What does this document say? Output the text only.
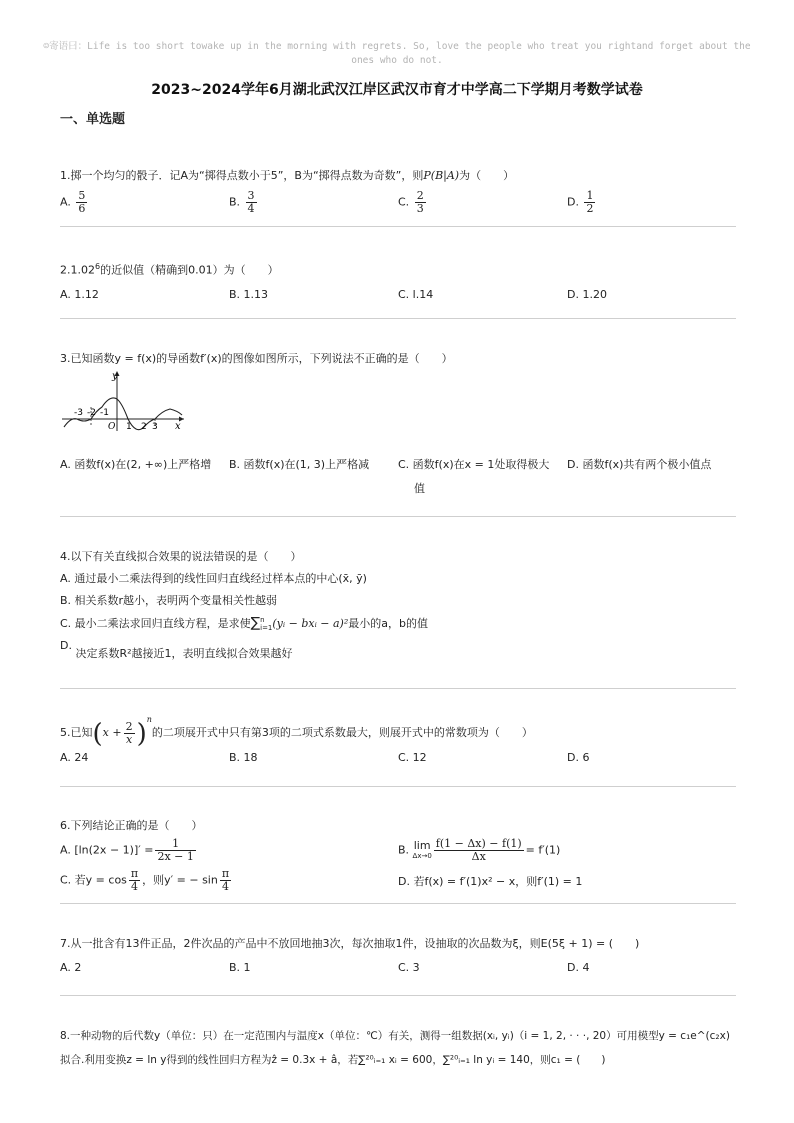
☺寄语曰：Life is too short towake up in the morning with regrets. So, love the people who treat you rightand forget about the ones who do not.
2023~2024学年6月湖北武汉江岸区武汉市育才中学高二下学期月考数学试卷
一、单选题
1.掷一个均匀的骰子．记A为“掷得点数小于5”，B为“掷得点数为奇数”，则P(B|A)为（　　）
A. $\frac{5}{6}$	B. $\frac{3}{4}$	C. $\frac{2}{3}$	D. $\frac{1}{2}$
2.1.02$^6$的近似值（精确到0.01）为（　　）
A. 1.12	B. 1.13	C. l.14	D. 1.20
3.已知函数y = f(x)的导函数f′(x)的图像如图所示，下列说法不正确的是（　　）
y
x
O
-3 -2 -1
1 2 3
A. 函数f(x)在(2, +∞)上严格增 B. 函数f(x)在(1, 3)上严格减	C. 函数f(x)在x = 1处取得极大
值
D. 函数f(x)共有两个极小值点
4.以下有关直线拟合效果的说法错误的是（　　）
A. 通过最小二乘法得到的线性回归直线经过样本点的中心(x̄, ȳ)
B. 相关系数r越小，表明两个变量相关性越弱
C. 最小二乘法求回归直线方程，是求使∑ n
i=1 (yᵢ − bxᵢ − a)²最小的a，b的值
D. 决定系数R²越接近1，表明直线拟合效果越好
5.已知$(x + \frac{2}{x} )^n$的二项展开式中只有第3项的二项式系数最大，则展开式中的常数项为（　　）
A. 24	B. 18	C. 12	D. 6
6.下列结论正确的是（　　）
A. $[\ln(2x - 1)]' = \frac{1}{2x - 1}$	B. lim
$\Delta x\to 0 \frac{f(1 - \Delta x) - f(1)}{\Delta x} = f'(1)$
C. 若$y = \cos \frac{\pi}{4}$ ，则y′ = − $\sin \frac{\pi}{4}$	D. 若f(x) = f′(1)x² − x，则f′(1) = 1
7.从一批含有13件正品，2件次品的产品中不放回地抽3次，每次抽取1件，设抽取的次品数为ξ，则E(5ξ + 1) = (　　)
A. 2	B. 1	C. 3	D. 4
8.一种动物的后代数y（单位：只）在一定范围内与温度x（单位：℃）有关，测得一组数据(xᵢ, yᵢ)（i = 1, 2, · · ·, 20）可用模型y = c₁e^(c₂x)
拟合.利用变换z = ln y得到的线性回归方程为ẑ = 0.3x + â，若∑²⁰ᵢ₌₁ xᵢ = 600，∑²⁰ᵢ₌₁ ln yᵢ = 140，则c₁ = (　　)
